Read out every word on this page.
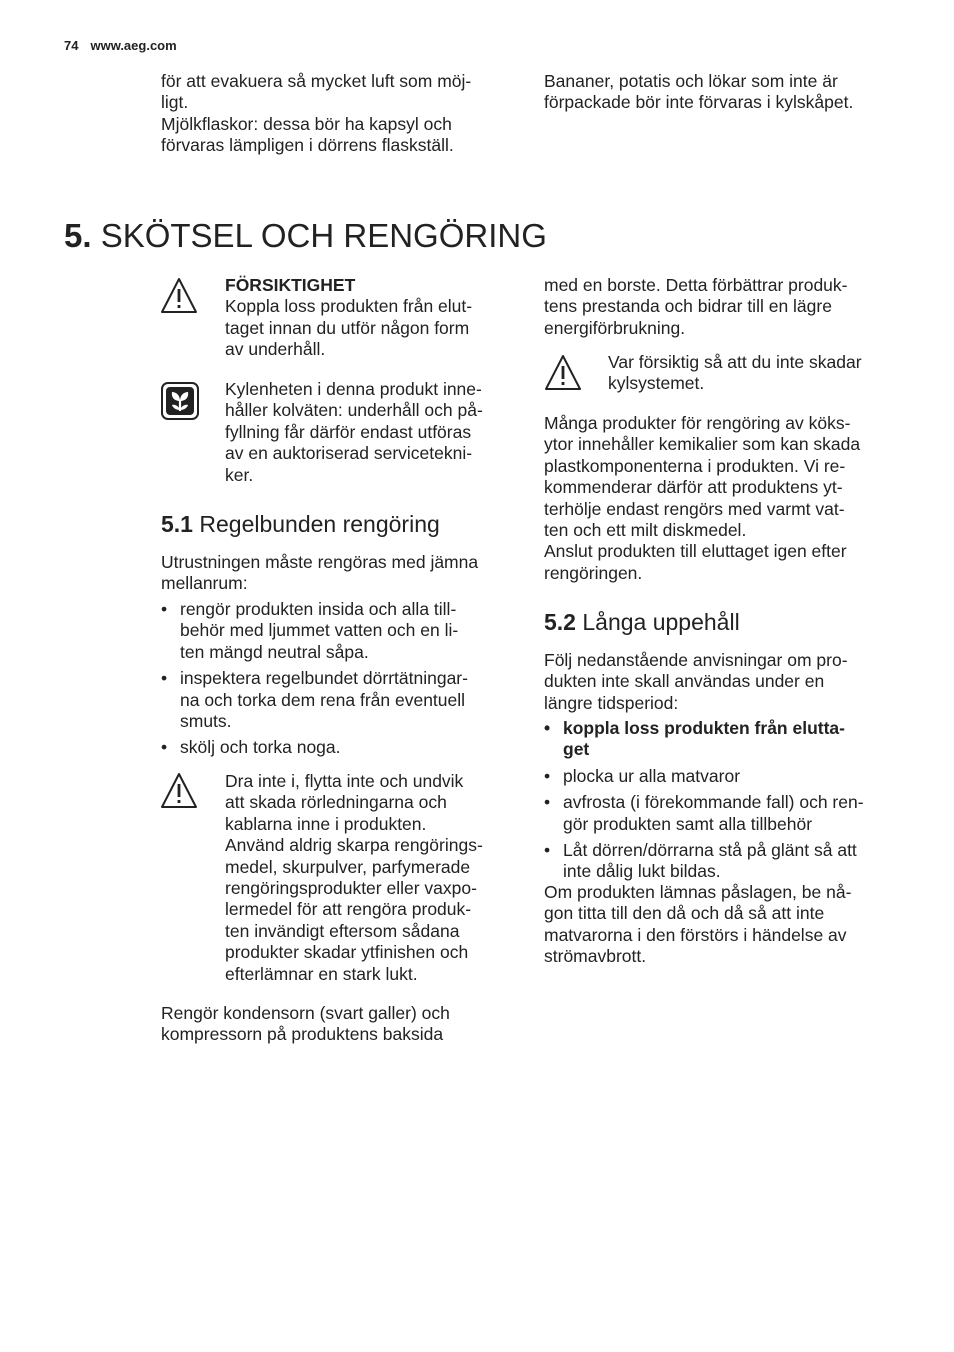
74 www.aeg.com
för att evakuera så mycket luft som möj-
ligt.
Mjölkflaskor: dessa bör ha kapsyl och
förvaras lämpligen i dörrens flaskställ.
Bananer, potatis och lökar som inte är
förpackade bör inte förvaras i kylskåpet.
5. SKÖTSEL OCH RENGÖRING
FÖRSIKTIGHET
Koppla loss produkten från elut-
taget innan du utför någon form
av underhåll.
Kylenheten i denna produkt inne-
håller kolväten: underhåll och på-
fyllning får därför endast utföras
av en auktoriserad servicetekni-
ker.
5.1 Regelbunden rengöring
Utrustningen måste rengöras med jämna
mellanrum:
• rengör produkten insida och alla till-
behör med ljummet vatten och en li-
ten mängd neutral såpa.
• inspektera regelbundet dörrtätningar-
na och torka dem rena från eventuell
smuts.
• skölj och torka noga.
Dra inte i, flytta inte och undvik
att skada rörledningarna och
kablarna inne i produkten.
Använd aldrig skarpa rengörings-
medel, skurpulver, parfymerade
rengöringsprodukter eller vaxpo-
lermedel för att rengöra produk-
ten invändigt eftersom sådana
produkter skadar ytfinishen och
efterlämnar en stark lukt.
Rengör kondensorn (svart galler) och
kompressorn på produktens baksida
med en borste. Detta förbättrar produk-
tens prestanda och bidrar till en lägre
energiförbrukning.
Var försiktig så att du inte skadar
kylsystemet.
Många produkter för rengöring av köks-
ytor innehåller kemikalier som kan skada
plastkomponenterna i produkten. Vi re-
kommenderar därför att produktens yt-
terhölje endast rengörs med varmt vat-
ten och ett milt diskmedel.
Anslut produkten till eluttaget igen efter
rengöringen.
5.2 Långa uppehåll
Följ nedanstående anvisningar om pro-
dukten inte skall användas under en
längre tidsperiod:
• koppla loss produkten från elutta-
get
• plocka ur alla matvaror
• avfrosta (i förekommande fall) och ren-
gör produkten samt alla tillbehör
• Låt dörren/dörrarna stå på glänt så att
inte dålig lukt bildas.
Om produkten lämnas påslagen, be nå-
gon titta till den då och då så att inte
matvarorna i den förstörs i händelse av
strömavbrott.
